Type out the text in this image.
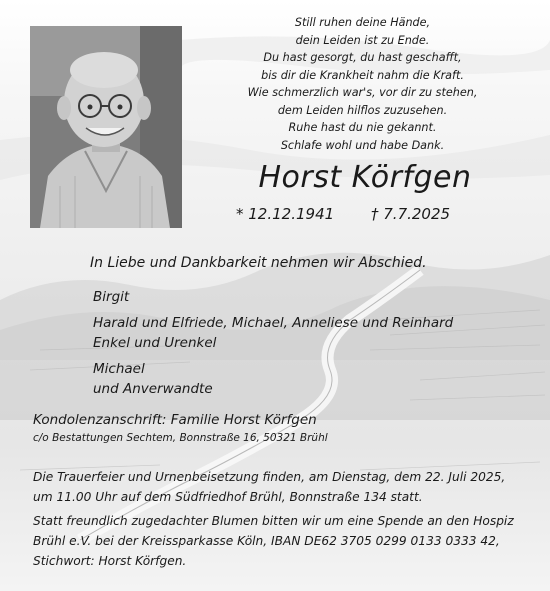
Still ruhen deine Hände,
dein Leiden ist zu Ende.
Du hast gesorgt, du hast geschafft,
bis dir die Krankheit nahm die Kraft.
Wie schmerzlich war's, vor dir zu stehen,
dem Leiden hilflos zuzusehen.
Ruhe hast du nie gekannt.
Schlafe wohl und habe Dank.
Horst Körfgen
* 12.12.1941 † 7.7.2025
In Liebe und Dankbarkeit nehmen wir Abschied.
Birgit
Harald und Elfriede, Michael, Anneliese und Reinhard
Enkel und Urenkel
Michael
und Anverwandte
Kondolenzanschrift: Familie Horst Körfgen
c/o Bestattungen Sechtem, Bonnstraße 16, 50321 Brühl
Die Trauerfeier und Urnenbeisetzung finden, am Dienstag, dem 22. Juli 2025,
um 11.00 Uhr auf dem Südfriedhof Brühl, Bonnstraße 134 statt.
Statt freundlich zugedachter Blumen bitten wir um eine Spende an den Hospiz
Brühl e.V. bei der Kreissparkasse Köln, IBAN DE62 3705 0299 0133 0333 42,
Stichwort: Horst Körfgen.
